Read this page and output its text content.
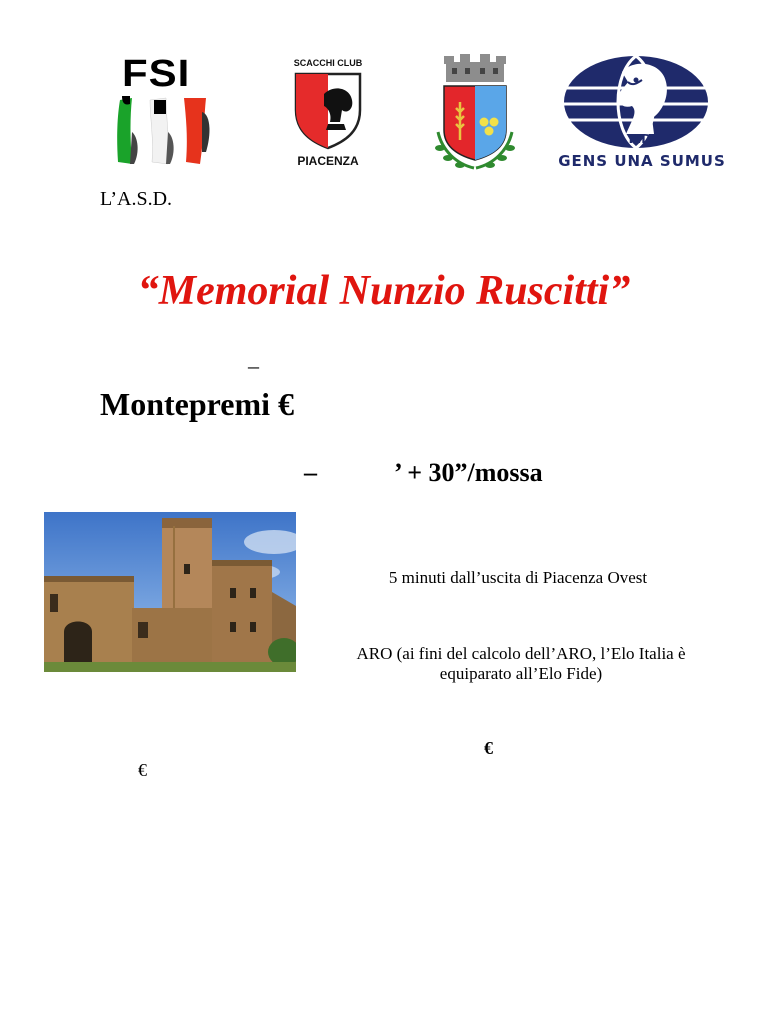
FSI	SCACCHI CLUB
PIACENZA
FIDE
GENS UNA SUMUS
L’A.S.D.
“Memorial Nunzio Ruscitti”
–
Montepremi €
–	’ + 30”/mossa
5 minuti dall’uscita di Piacenza Ovest
ARO (ai fini del calcolo dell’ARO, l’Elo Italia è equiparato all’Elo Fide)
€
€
